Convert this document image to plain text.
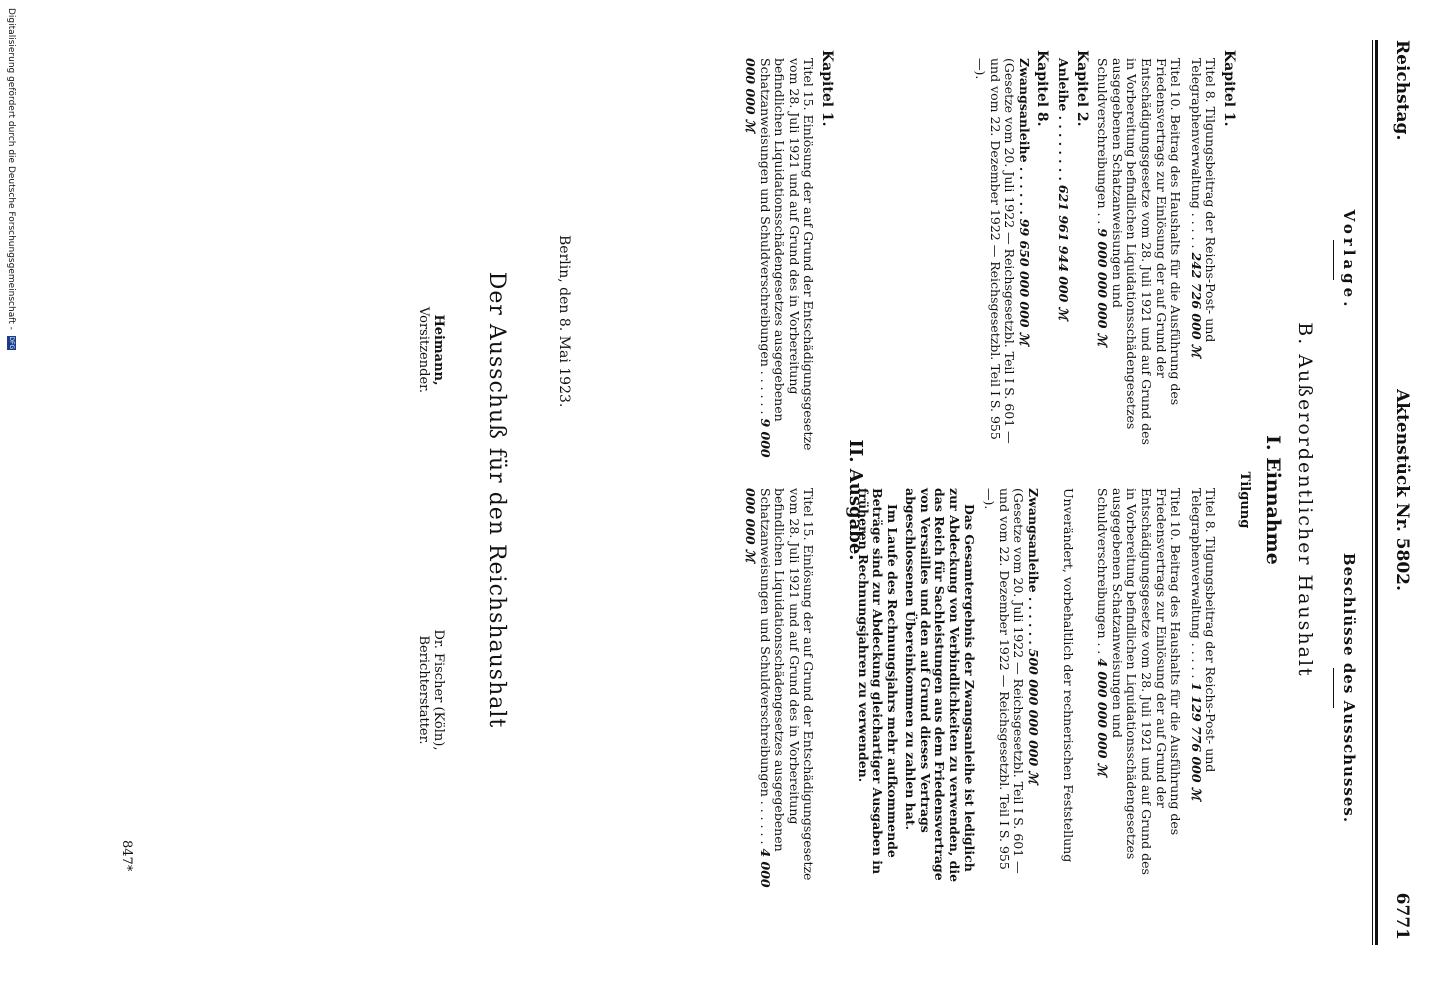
Reichstag.
Aktenstück Nr. 5802.
6771
Vorlage.
Beschlüsse des Ausschusses.
B. Außerordentlicher Haushalt
I. Einnahme
Tilgung
Kapitel 1.
Titel 8. Tilgungsbeitrag der Reichs-Post- und Telegraphenverwaltung . . . . . 242 726 000 ℳ
Titel 10. Beitrag des Haushalts für die Ausführung des Friedensvertrags zur Einlösung der auf Grund der Entschädigungsgesetze vom 28. Juli 1921 und auf Grund des in Vorbereitung befindlichen Liquidationsschädengesetzes ausgegebenen Schatzanweisungen und Schuldverschreibungen . . 9 000 000 000 ℳ
Kapitel 2.
Anleihe . . . . . . . . 621 961 944 000 ℳ
Kapitel 8.
Zwangsanleihe . . . . . . 99 650 000 000 ℳ
(Gesetze vom 20. Juli 1922 — Reichsgesetzbl. Teil I S. 601 — und vom 22. Dezember 1922 — Reichsgesetzbl. Teil I S. 955 —).
Titel 8. Tilgungsbeitrag der Reichs-Post- und Telegraphenverwaltung . . . . . 1 129 776 000 ℳ
Titel 10. Beitrag des Haushalts für die Ausführung des Friedensvertrags zur Einlösung der auf Grund der Entschädigungsgesetze vom 28. Juli 1921 und auf Grund des in Vorbereitung befindlichen Liquidationsschädengesetzes ausgegebenen Schatzanweisungen und Schuldverschreibungen . . 4 000 000 000 ℳ
Unverändert, vorbehaltlich der rechnerischen Feststellung
Zwangsanleihe . . . . . . 500 000 000 000 ℳ
(Gesetze vom 20. Juli 1922 — Reichsgesetzbl. Teil I S. 601 — und vom 22. Dezember 1922 — Reichsgesetzbl. Teil I S. 955 —).
Das Gesamtergebnis der Zwangsanleihe ist lediglich zur Abdeckung von Verbindlichkeiten zu verwenden, die das Reich für Sachleistungen aus dem Friedensvertrage von Versailles und den auf Grund dieses Vertrags abgeschlossenen Übereinkommen zu zahlen hat.
Im Laufe des Rechnungsjahrs mehr aufkommende Beträge sind zur Abdeckung gleichartiger Ausgaben in früheren Rechnungsjahren zu verwenden.
II. Ausgabe.
Kapitel 1.
Titel 15. Einlösung der auf Grund der Entschädigungsgesetze vom 28. Juli 1921 und auf Grund des in Vorbereitung befindlichen Liquidationsschädengesetzes ausgegebenen Schatzanweisungen und Schuldverschreibungen . . . . . . 9 000 000 000 ℳ
Titel 15. Einlösung der auf Grund der Entschädigungsgesetze vom 28. Juli 1921 und auf Grund des in Vorbereitung befindlichen Liquidationsschädengesetzes ausgegebenen Schatzanweisungen und Schuldverschreibungen . . . . . . 4 000 000 000 ℳ
Berlin, den 8. Mai 1923.
Der Ausschuß für den Reichshaushalt
Heimann,
Vorsitzender.
Dr. Fischer (Köln),
Berichterstatter.
847*
Digitalisierung gefördert durch die Deutsche Forschungsgemeinschaft - DFG
